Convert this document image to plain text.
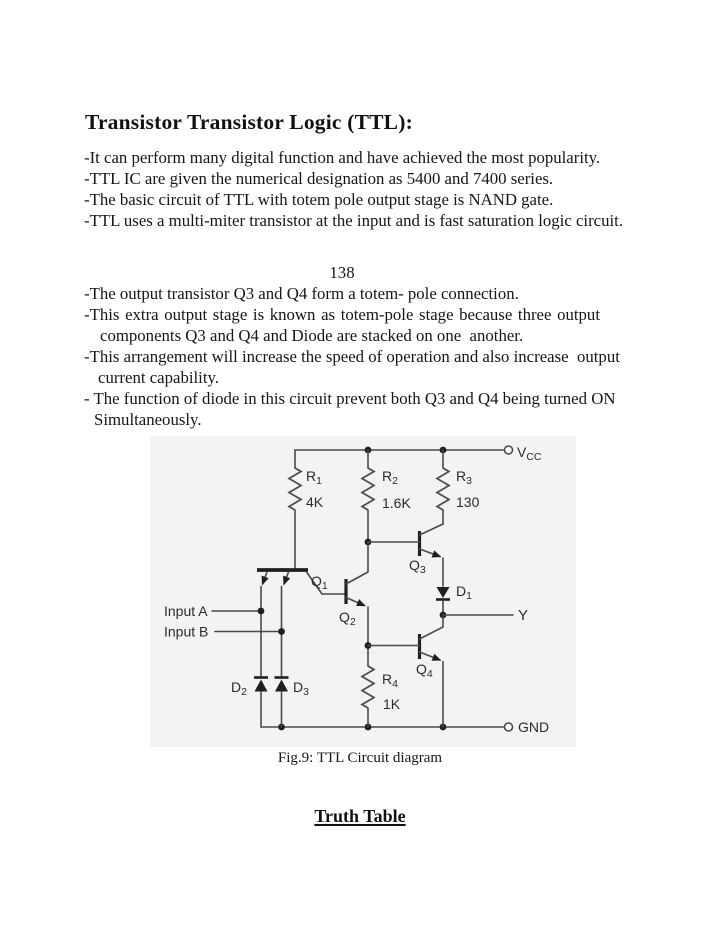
Transistor Transistor Logic (TTL):
-It can perform many digital function and have achieved the most popularity.
-TTL IC are given the numerical designation as 5400 and 7400 series.
-The basic circuit of TTL with totem pole output stage is NAND gate.
-TTL uses a multi-miter transistor at the input and is fast saturation logic circuit.
138
-The output transistor Q3 and Q4 form a totem- pole connection.
-This extra output stage is known as totem-pole stage because three output
components Q3 and Q4 and Diode are stacked on one  another.
-This arrangement will increase the speed of operation and also increase  output
current capability.
- The function of diode in this circuit prevent both Q3 and Q4 being turned ON
Simultaneously.
$V_{CC}$
GND
Y
Input A
Input B
$R_1$
4K
$R_2$
1.6K
$R_3$
130
$R_4$
1K
$Q_1$
$Q_2$
$Q_3$
$Q_4$
$D_1$
$D_2$	$D_3$
Fig.9: TTL Circuit diagram
Truth Table
